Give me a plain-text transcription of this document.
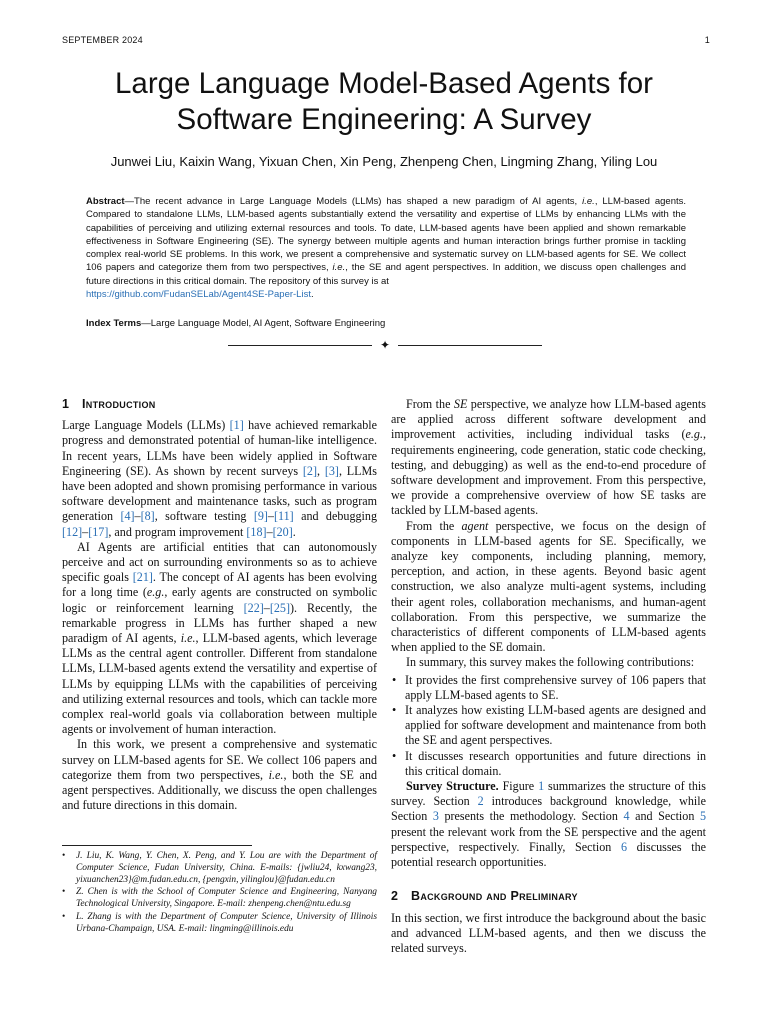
SEPTEMBER 2024	1
Large Language Model-Based Agents for
Software Engineering: A Survey
Junwei Liu, Kaixin Wang, Yixuan Chen, Xin Peng, Zhenpeng Chen, Lingming Zhang, Yiling Lou
Abstract—The recent advance in Large Language Models (LLMs) has shaped a new paradigm of AI agents, i.e., LLM-based agents. Compared to standalone LLMs, LLM-based agents substantially extend the versatility and expertise of LLMs by enhancing LLMs with the capabilities of perceiving and utilizing external resources and tools. To date, LLM-based agents have been applied and shown remarkable effectiveness in Software Engineering (SE). The synergy between multiple agents and human interaction brings further promise in tackling complex real-world SE problems. In this work, we present a comprehensive and systematic survey on LLM-based agents for SE. We collect 106 papers and categorize them from two perspectives, i.e., the SE and agent perspectives. In addition, we discuss open challenges and future directions in this critical domain. The repository of this survey is at
https://github.com/FudanSELab/Agent4SE-Paper-List.
Index Terms—Large Language Model, AI Agent, Software Engineering
✦
1 Introduction

Large Language Models (LLMs) [1] have achieved remarkable progress and demonstrated potential of human-like intelligence. In recent years, LLMs have been widely applied in Software Engineering (SE). As shown by recent surveys [2], [3], LLMs have been adopted and shown promising performance in various software development and maintenance tasks, such as program generation [4]–[8], software testing [9]–[11] and debugging [12]–[17], and program improvement [18]–[20].

AI Agents are artificial entities that can autonomously perceive and act on surrounding environments so as to achieve specific goals [21]. The concept of AI agents has been evolving for a long time (e.g., early agents are constructed on symbolic logic or reinforcement learning [22]–[25]). Recently, the remarkable progress in LLMs has further shaped a new paradigm of AI agents, i.e., LLM-based agents, which leverage LLMs as the central agent controller. Different from standalone LLMs, LLM-based agents extend the versatility and expertise of LLMs by equipping LLMs with the capabilities of perceiving and utilizing external resources and tools, which can tackle more complex real-world goals via collaboration between multiple agents or involvement of human interaction.

In this work, we present a comprehensive and systematic survey on LLM-based agents for SE. We collect 106 papers and categorize them from two perspectives, i.e., both the SE and agent perspectives. Additionally, we discuss the open challenges and future directions in this domain.

• J. Liu, K. Wang, Y. Chen, X. Peng, and Y. Lou are with the Department of Computer Science, Fudan University, China. E-mails: {jwliu24, kxwang23, yixuanchen23}@m.fudan.edu.cn, {pengxin, yilinglou}@fudan.edu.cn
• Z. Chen is with the School of Computer Science and Engineering, Nanyang Technological University, Singapore. E-mail: zhenpeng.chen@ntu.edu.sg
• L. Zhang is with the Department of Computer Science, University of Illinois Urbana-Champaign, USA. E-mail: lingming@illinois.edu

From the SE perspective, we analyze how LLM-based agents are applied across different software development and improvement activities, including individual tasks (e.g., requirements engineering, code generation, static code checking, testing, and debugging) as well as the end-to-end procedure of software development and improvement. From this perspective, we provide a comprehensive overview of how SE tasks are tackled by LLM-based agents.

From the agent perspective, we focus on the design of components in LLM-based agents for SE. Specifically, we analyze key components, including planning, memory, perception, and action, in these agents. Beyond basic agent construction, we also analyze multi-agent systems, including their agent roles, collaboration mechanisms, and human-agent collaboration. From this perspective, we summarize the characteristics of different components of LLM-based agents when applied to the SE domain.

In summary, this survey makes the following contributions:

• It provides the first comprehensive survey of 106 papers that apply LLM-based agents to SE.
• It analyzes how existing LLM-based agents are designed and applied for software development and maintenance from both the SE and agent perspectives.
• It discusses research opportunities and future directions in this critical domain.

Survey Structure. Figure 1 summarizes the structure of this survey. Section 2 introduces background knowledge, while Section 3 presents the methodology. Section 4 and Section 5 present the relevant work from the SE perspective and the agent perspective, respectively. Finally, Section 6 discusses the potential research opportunities.

2 Background and Preliminary

In this section, we first introduce the background about the basic and advanced LLM-based agents, and then we discuss the related surveys.
